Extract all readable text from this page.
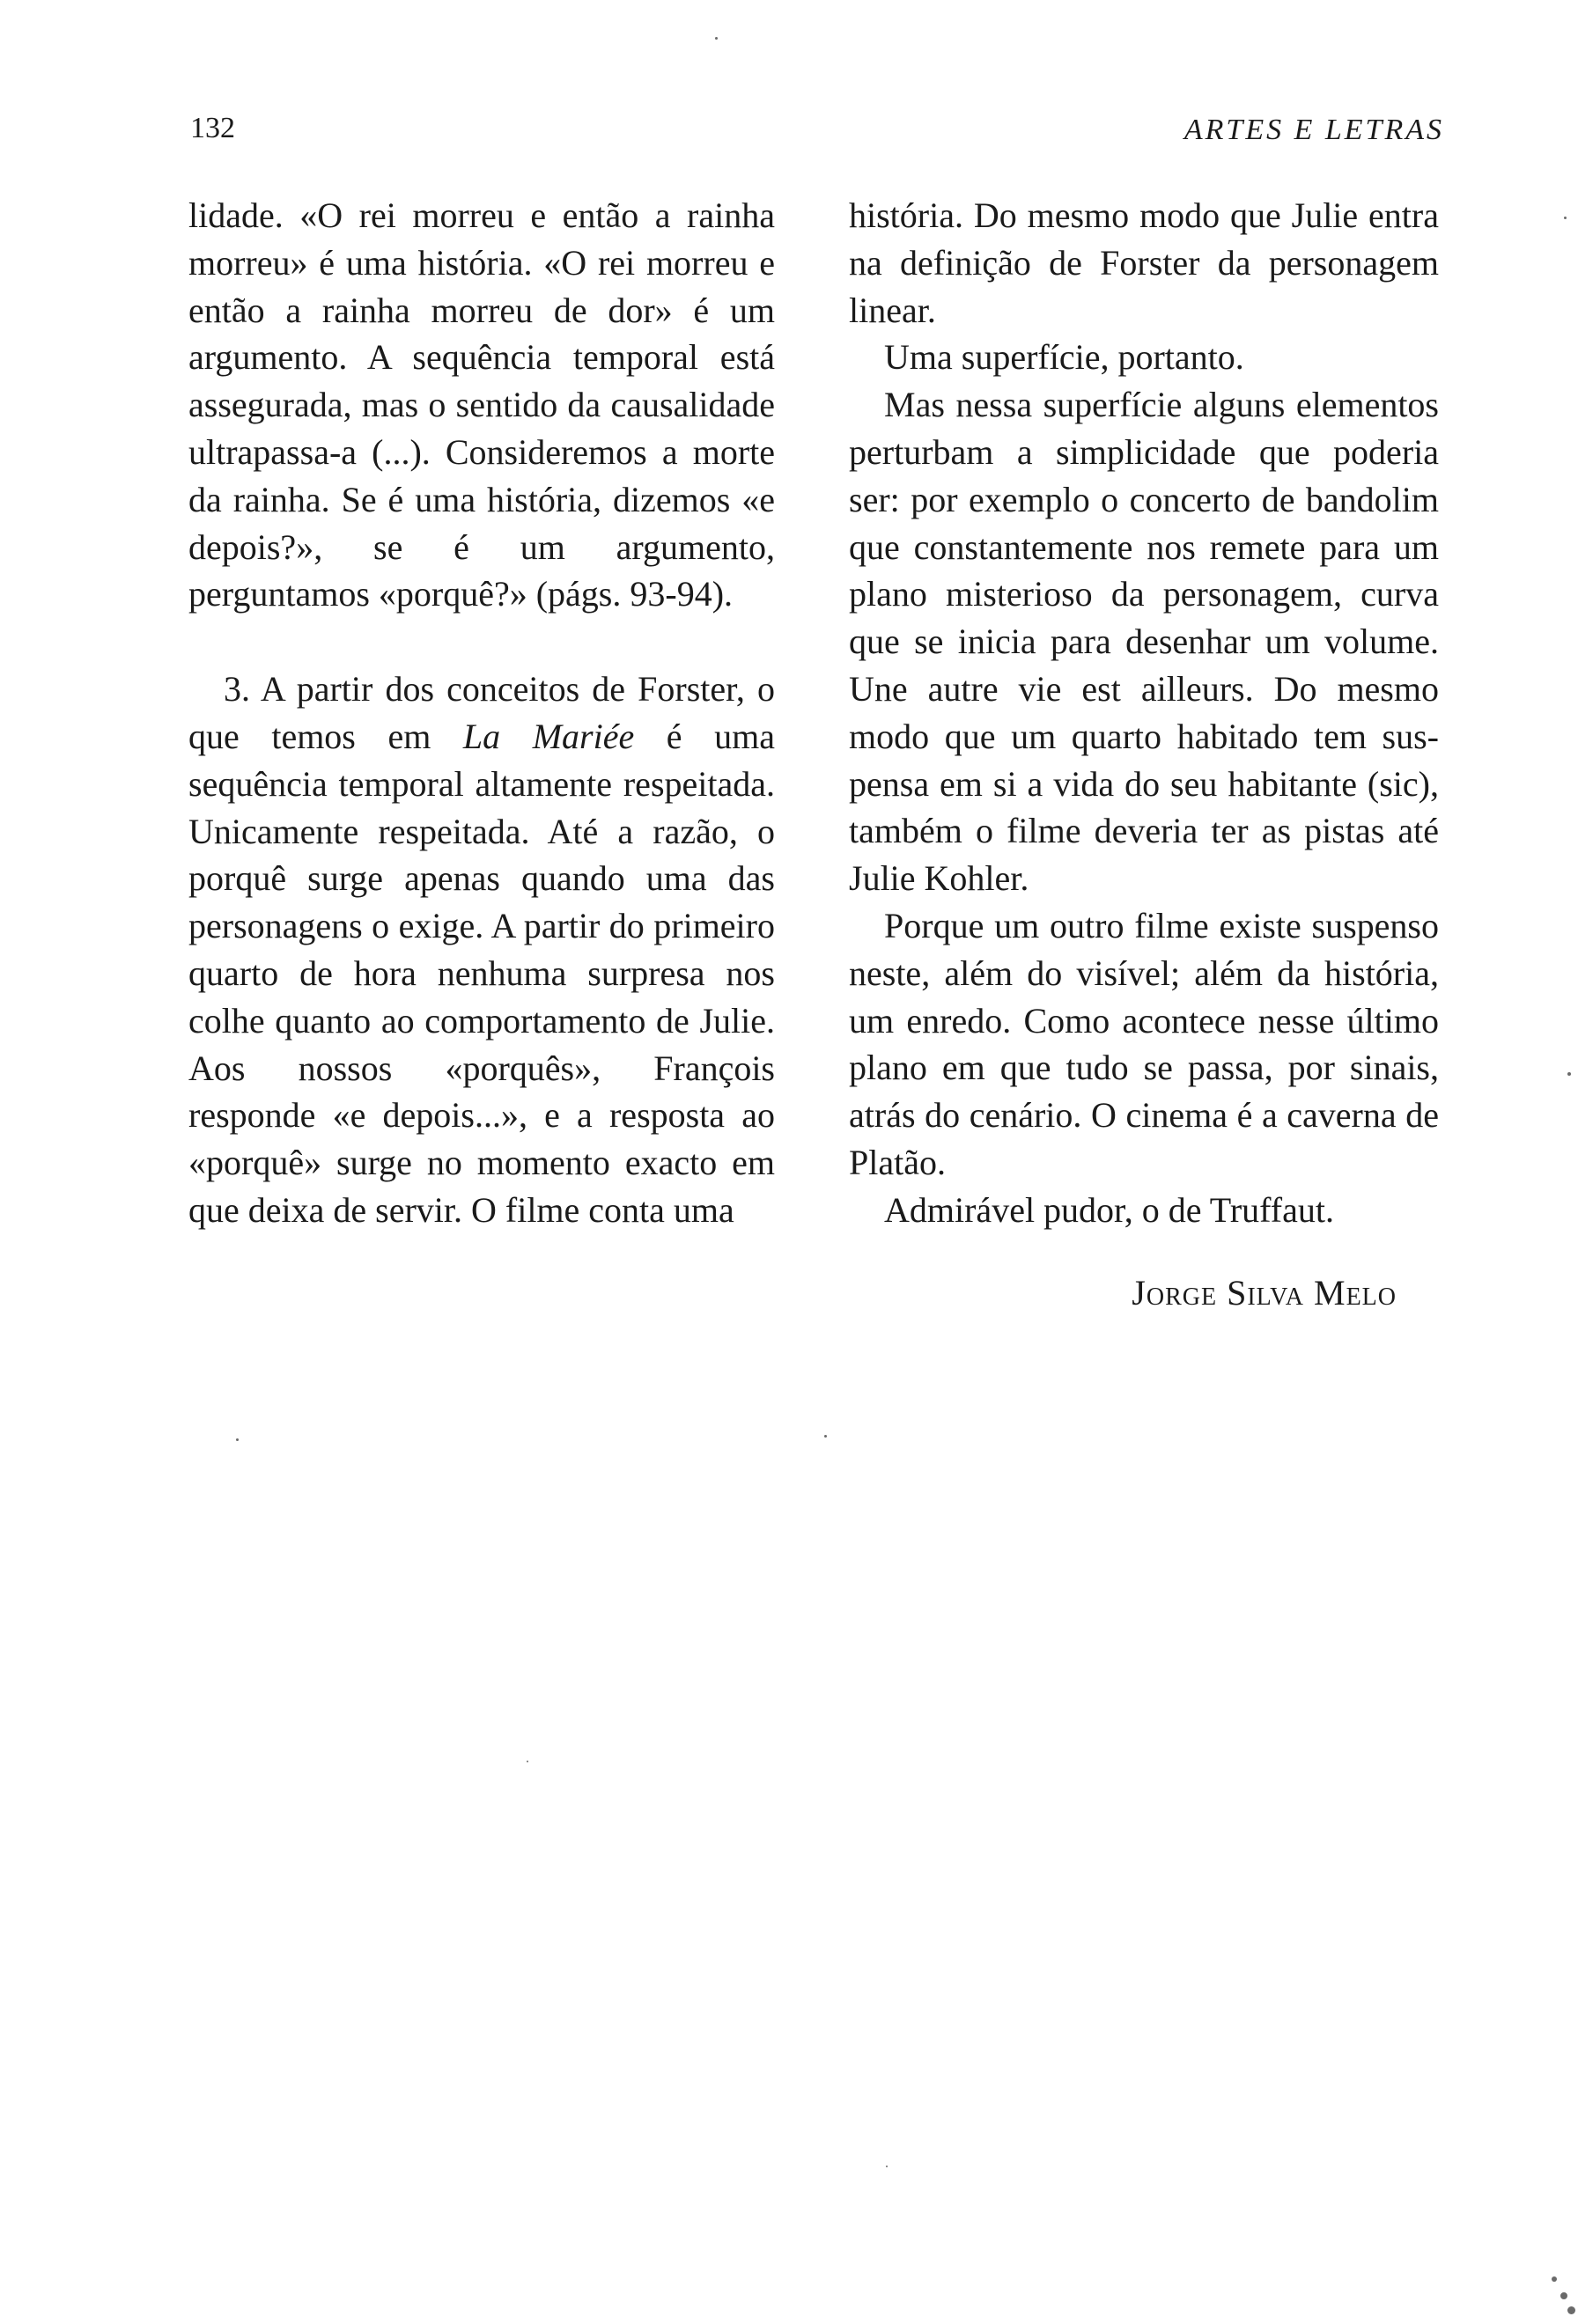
132	ARTES E LETRAS

lidade. «O rei morreu e então a rainha morreu» é uma história. «O rei morreu e então a rainha morreu de dor» é um argumento. A sequência temporal está assegurada, mas o sentido da causalidade ultrapassa-a (...). Consideremos a morte da rainha. Se é uma história, dizemos «e depois?», se é um argumento, perguntamos «porquê?» (págs. 93-94).

3. A partir dos conceitos de Forster, o que temos em La Mariée é uma sequência temporal altamente respeitada. Unicamente respeitada. Até a razão, o porquê surge apenas quando uma das personagens o exige. A partir do primeiro quarto de hora nenhuma surpresa nos colhe quanto ao comportamento de Julie. Aos nossos «porquês», François responde «e depois...», e a resposta ao «porquê» surge no momento exacto em que deixa de servir. O filme conta uma

história. Do mesmo modo que Julie entra na definição de Forster da personagem linear.

Uma superfície, portanto.

Mas nessa superfície alguns elementos perturbam a simplicidade que poderia ser: por exemplo o concerto de bandolim que constantemente nos remete para um plano misterioso da personagem, curva que se inicia para desenhar um volume. Une autre vie est ailleurs. Do mesmo modo que um quarto habitado tem suspensa em si a vida do seu habitante (sic), também o filme deveria ter as pistas até Julie Kohler.

Porque um outro filme existe suspenso neste, além do visível; além da história, um enredo. Como acontece nesse último plano em que tudo se passa, por sinais, atrás do cenário. O cinema é a caverna de Platão.

Admirável pudor, o de Truffaut.

Jorge Silva Melo
